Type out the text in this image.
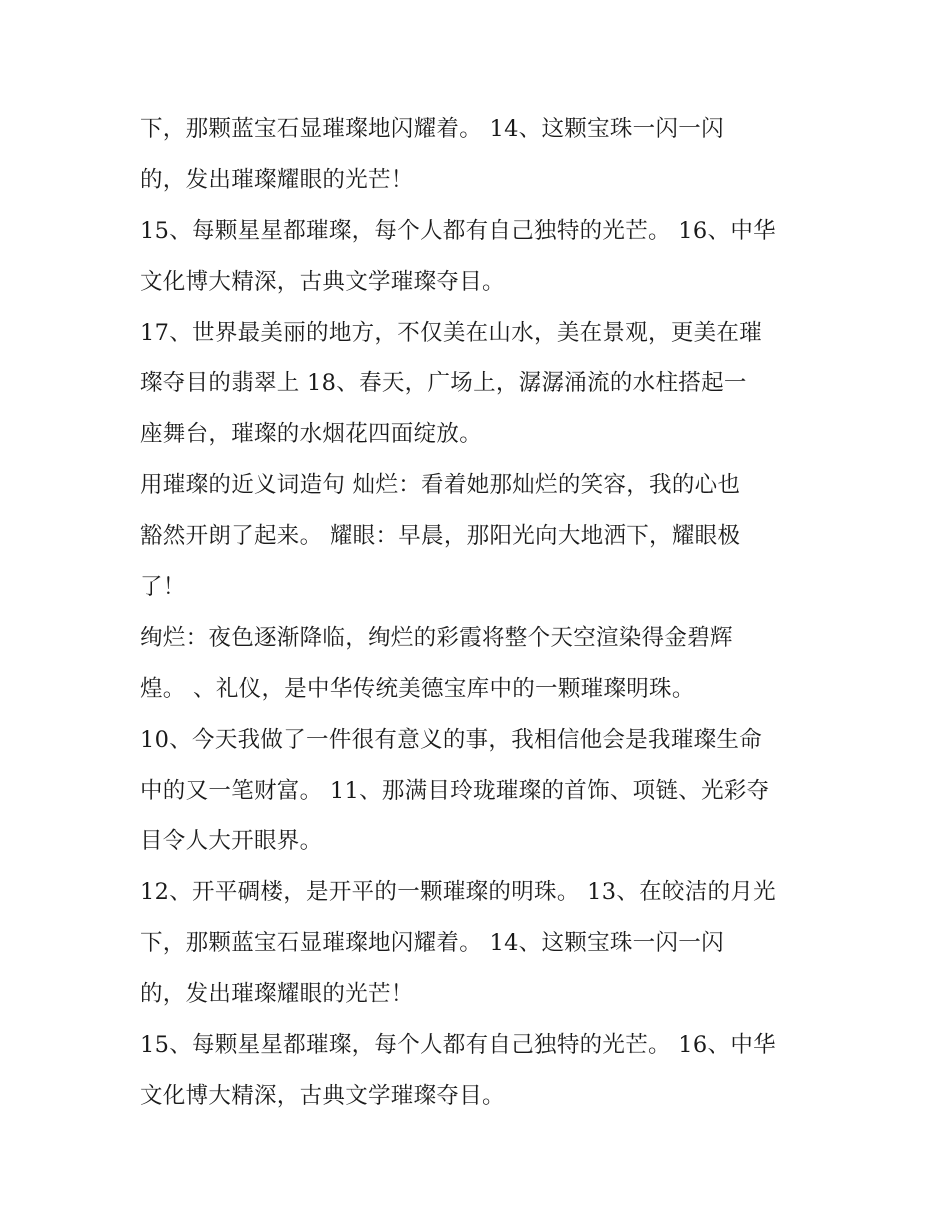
下，那颗蓝宝石显璀璨地闪耀着。 14、这颗宝珠一闪一闪
的，发出璀璨耀眼的光芒！
15、每颗星星都璀璨，每个人都有自己独特的光芒。 16、中华
文化博大精深，古典文学璀璨夺目。
17、世界最美丽的地方，不仅美在山水，美在景观，更美在璀
璨夺目的翡翠上 18、春天，广场上，潺潺涌流的水柱搭起一
座舞台，璀璨的水烟花四面绽放。
用璀璨的近义词造句 灿烂：看着她那灿烂的笑容，我的心也
豁然开朗了起来。 耀眼：早晨，那阳光向大地洒下，耀眼极
了！
绚烂：夜色逐渐降临，绚烂的彩霞将整个天空渲染得金碧辉
煌。 、礼仪，是中华传统美德宝库中的一颗璀璨明珠。
10、今天我做了一件很有意义的事，我相信他会是我璀璨生命
中的又一笔财富。 11、那满目玲珑璀璨的首饰、项链、光彩夺
目令人大开眼界。
12、开平碉楼，是开平的一颗璀璨的明珠。 13、在皎洁的月光
下，那颗蓝宝石显璀璨地闪耀着。 14、这颗宝珠一闪一闪
的，发出璀璨耀眼的光芒！
15、每颗星星都璀璨，每个人都有自己独特的光芒。 16、中华
文化博大精深，古典文学璀璨夺目。
